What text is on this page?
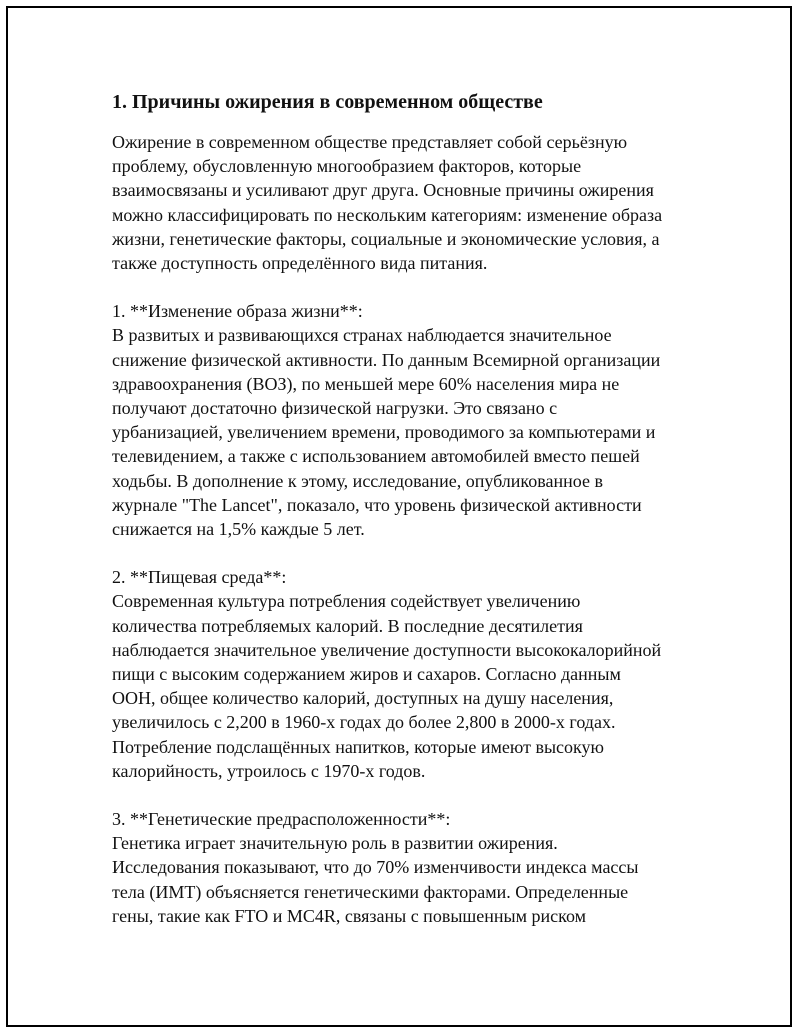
1. Причины ожирения в современном обществе

Ожирение в современном обществе представляет собой серьёзную
проблему, обусловленную многообразием факторов, которые
взаимосвязаны и усиливают друг друга. Основные причины ожирения
можно классифицировать по нескольким категориям: изменение образа
жизни, генетические факторы, социальные и экономические условия, а
также доступность определённого вида питания.

1. **Изменение образа жизни**:

В развитых и развивающихся странах наблюдается значительное
снижение физической активности. По данным Всемирной организации
здравоохранения (ВОЗ), по меньшей мере 60% населения мира не
получают достаточно физической нагрузки. Это связано с
урбанизацией, увеличением времени, проводимого за компьютерами и
телевидением, а также с использованием автомобилей вместо пешей
ходьбы. В дополнение к этому, исследование, опубликованное в
журнале "The Lancet", показало, что уровень физической активности
снижается на 1,5% каждые 5 лет.

2. **Пищевая среда**:

Современная культура потребления содействует увеличению
количества потребляемых калорий. В последние десятилетия
наблюдается значительное увеличение доступности высококалорийной
пищи с высоким содержанием жиров и сахаров. Согласно данным
ООН, общее количество калорий, доступных на душу населения,
увеличилось с 2,200 в 1960-х годах до более 2,800 в 2000-х годах.
Потребление подслащённых напитков, которые имеют высокую
калорийность, утроилось с 1970-х годов.

3. **Генетические предрасположенности**:

Генетика играет значительную роль в развитии ожирения.
Исследования показывают, что до 70% изменчивости индекса массы
тела (ИМТ) объясняется генетическими факторами. Определенные
гены, такие как FTO и MC4R, связаны с повышенным риском
